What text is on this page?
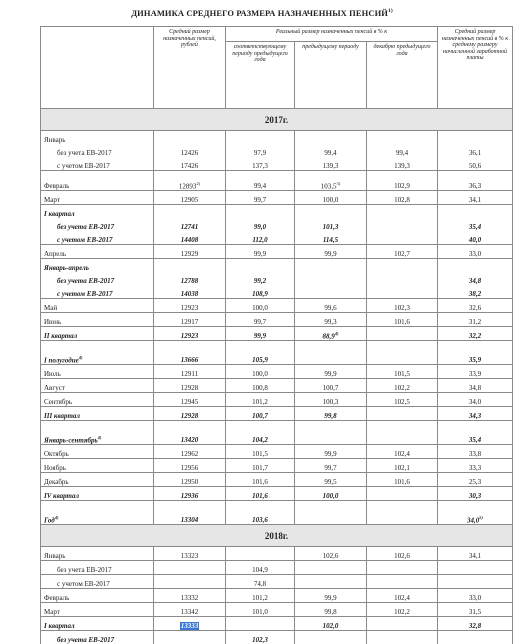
ДИНАМИКА СРЕДНЕГО РАЗМЕРА НАЗНАЧЕННЫХ ПЕНСИЙ$^{1)}$
	Средний размер назначенных пенсий, рублей	Реальный размер назначенных пенсий в % к			Средний размер назначенных пенсий в % к среднему размеру начисленной заработной платы
		соответствующему периоду предыдущего года	предыдущему периоду	декабрю предыдущего года	
2017г.					
Январь					
без учета ЕВ-2017	12426	97,9	99,4	99,4	36,1
с учетом ЕВ-2017	17426	137,3	139,3	139,3	50,6
Февраль	12893$^{2)}$	99,4	103,5$^{3)}$	102,9	36,3
Март	12905	99,7	100,0	102,8	34,1
I квартал					
без учета ЕВ-2017	12741	99,0	101,3		35,4
с учетом ЕВ-2017	14408	112,0	114,5		40,0
Апрель	12929	99,9	99,9	102,7	33,0
Январь-апрель					
без учета ЕВ-2017	12788	99,2			34,8
с учетом ЕВ-2017	14038	108,9			38,2
Май	12923	100,0	99,6	102,3	32,6
Июнь	12917	99,7	99,3	101,6	31,2
II квартал	12923	99,9	88,9$^{4)}$		32,2
I полугодие$^{4)}$	13666	105,9			35,9
Июль	12911	100,0	99,9	101,5	33,9
Август	12928	100,8	100,7	102,2	34,8
Сентябрь	12945	101,2	100,3	102,5	34,0
III квартал	12928	100,7	99,8		34,3
Январь-сентябрь$^{4)}$	13420	104,2			35,4
Октябрь	12962	101,5	99,9	102,4	33,8
Ноябрь	12956	101,7	99,7	102,1	33,3
Декабрь	12950	101,6	99,5	101,6	25,3
IV квартал	12936	101,6	100,0		30,3
Год$^{4)}$	13304	103,6			34,0$^{5)}$
2018г.					
Январь	13323		102,6	102,6	34,1
без учета ЕВ-2017		104,9			
с учетом ЕВ-2017		74,8			
Февраль	13332	101,2	99,9	102,4	33,0
Март	13342	101,0	99,8	102,2	31,5
I квартал	13333		102,0		32,8
без учета ЕВ-2017		102,3			
